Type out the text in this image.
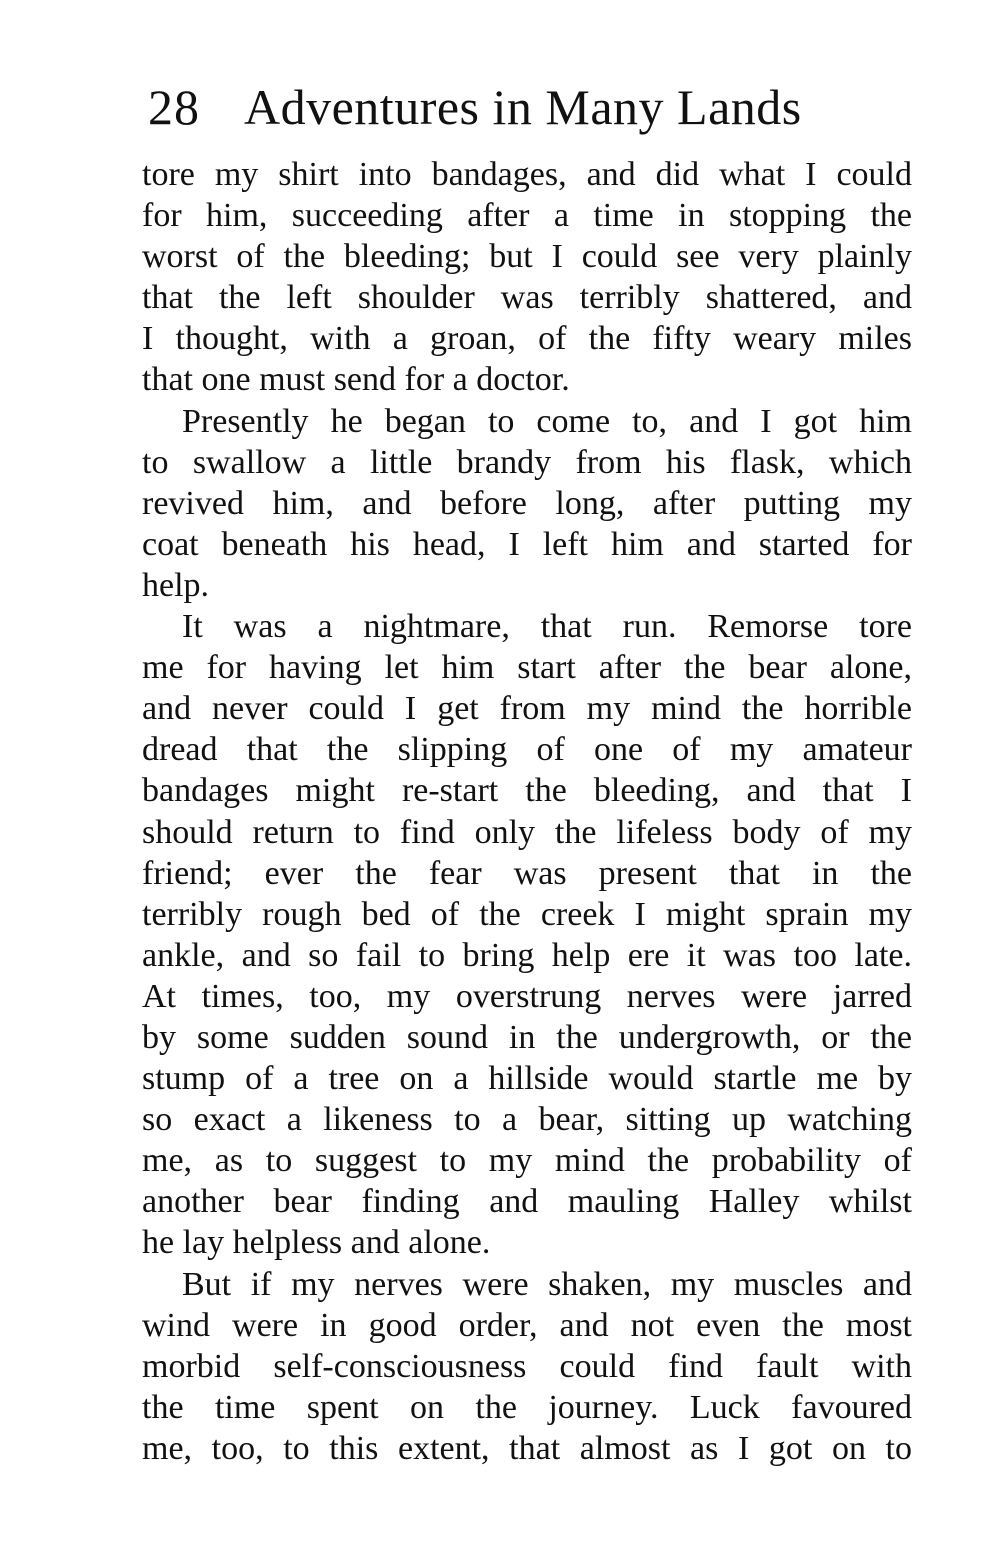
28 Adventures in Many Lands

tore my shirt into bandages, and did what I could
for him, succeeding after a time in stopping the
worst of the bleeding; but I could see very plainly
that the left shoulder was terribly shattered, and
I thought, with a groan, of the fifty weary miles
that one must send for a doctor.

Presently he began to come to, and I got him
to swallow a little brandy from his flask, which
revived him, and before long, after putting my
coat beneath his head, I left him and started for
help.

It was a nightmare, that run. Remorse tore
me for having let him start after the bear alone,
and never could I get from my mind the horrible
dread that the slipping of one of my amateur
bandages might re-start the bleeding, and that I
should return to find only the lifeless body of my
friend; ever the fear was present that in the
terribly rough bed of the creek I might sprain my
ankle, and so fail to bring help ere it was too late.
At times, too, my overstrung nerves were jarred
by some sudden sound in the undergrowth, or the
stump of a tree on a hillside would startle me by
so exact a likeness to a bear, sitting up watching
me, as to suggest to my mind the probability of
another bear finding and mauling Halley whilst
he lay helpless and alone.

But if my nerves were shaken, my muscles and
wind were in good order, and not even the most
morbid self-consciousness could find fault with
the time spent on the journey. Luck favoured
me, too, to this extent, that almost as I got on to
